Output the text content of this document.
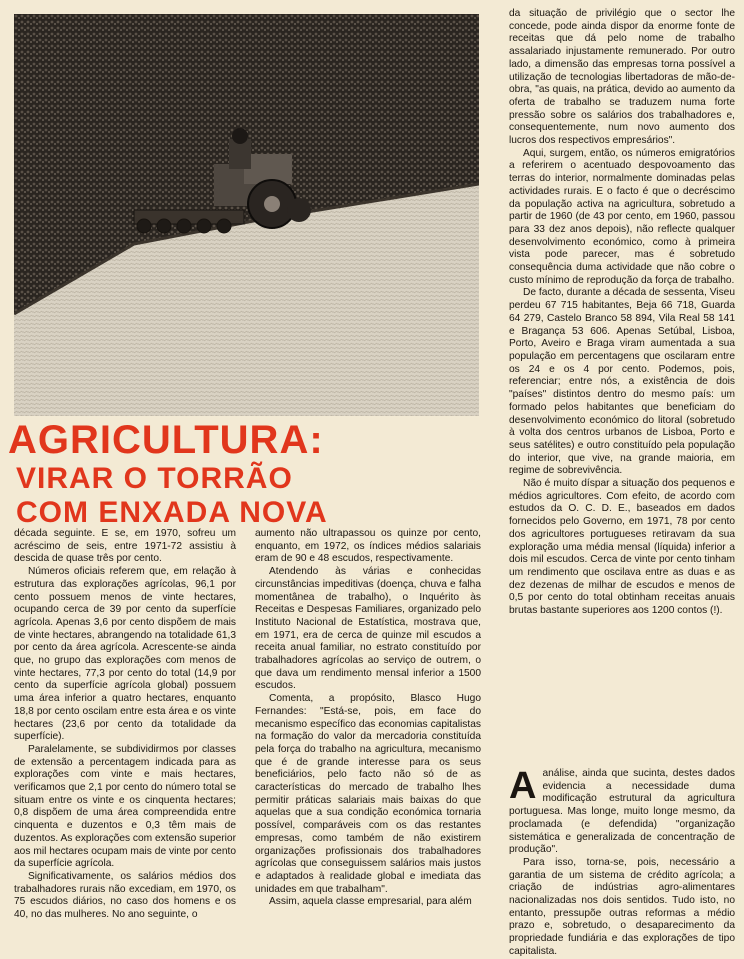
AGRICULTURA:
VIRAR O TORRÃO
COM ENXADA NOVA

década seguinte. E se, em 1970, sofreu um acréscimo de seis, entre 1971-72 assistiu à descida de quase três por cento.

Números oficiais referem que, em relação à estrutura das explorações agrícolas, 96,1 por cento possuem menos de vinte hectares, ocupando cerca de 39 por cento da superfície agrícola. Apenas 3,6 por cento dispõem de mais de vinte hectares, abrangendo na totalidade 61,3 por cento da área agrícola. Acrescente-se ainda que, no grupo das explorações com menos de vinte hectares, 77,3 por cento do total (14,9 por cento da superfície agrícola global) possuem uma área inferior a quatro hectares, enquanto 18,8 por cento oscilam entre esta área e os vinte hectares (23,6 por cento da totalidade da superfície).

Paralelamente, se subdividirmos por classes de extensão a percentagem indicada para as explorações com vinte e mais hectares, verificamos que 2,1 por cento do número total se situam entre os vinte e os cinquenta hectares; 0,8 dispõem de uma área compreendida entre cinquenta e duzentos e 0,3 têm mais de duzentos. As explorações com extensão superior aos mil hectares ocupam mais de vinte por cento da superfície agrícola.

Significativamente, os salários médios dos trabalhadores rurais não excediam, em 1970, os 75 escudos diários, no caso dos homens e os 40, no das mulheres. No ano seguinte, o

aumento não ultrapassou os quinze por cento, enquanto, em 1972, os índices médios salariais eram de 90 e 48 escudos, respectivamente.

Atendendo às várias e conhecidas circunstâncias impeditivas (doença, chuva e falha momentânea de trabalho), o Inquérito às Receitas e Despesas Familiares, organizado pelo Instituto Nacional de Estatística, mostrava que, em 1971, era de cerca de quinze mil escudos a receita anual familiar, no estrato constituído por trabalhadores agrícolas ao serviço de outrem, o que dava um rendimento mensal inferior a 1500 escudos.

Comenta, a propósito, Blasco Hugo Fernandes: "Está-se, pois, em face do mecanismo específico das economias capitalistas na formação do valor da mercadoria constituída pela força do trabalho na agricultura, mecanismo que é de grande interesse para os seus beneficiários, pelo facto não só de as características do mercado de trabalho lhes permitir práticas salariais mais baixas do que aquelas que a sua condição económica tornaria possível, comparáveis com os das restantes empresas, como também de não existirem organizações profissionais dos trabalhadores agrícolas que conseguissem salários mais justos e adaptados à realidade global e imediata das unidades em que trabalham".

Assim, aquela classe empresarial, para além

da situação de privilégio que o sector lhe concede, pode ainda dispor da enorme fonte de receitas que dá pelo nome de trabalho assalariado injustamente remunerado. Por outro lado, a dimensão das empresas torna possível a utilização de tecnologias libertadoras de mão-de-obra, "as quais, na prática, devido ao aumento da oferta de trabalho se traduzem numa forte pressão sobre os salários dos trabalhadores e, consequentemente, num novo aumento dos lucros dos respectivos empresários".

Aqui, surgem, então, os números emigratórios a referirem o acentuado despovoamento das terras do interior, normalmente dominadas pelas actividades rurais. E o facto é que o decréscimo da população activa na agricultura, sobretudo a partir de 1960 (de 43 por cento, em 1960, passou para 33 dez anos depois), não reflecte qualquer desenvolvimento económico, como à primeira vista pode parecer, mas é sobretudo consequência duma actividade que não cobre o custo mínimo de reprodução da força de trabalho.

De facto, durante a década de sessenta, Viseu perdeu 67 715 habitantes, Beja 66 718, Guarda 64 279, Castelo Branco 58 894, Vila Real 58 141 e Bragança 53 606. Apenas Setúbal, Lisboa, Porto, Aveiro e Braga viram aumentada a sua população em percentagens que oscilaram entre os 24 e os 4 por cento. Podemos, pois, referenciar; entre nós, a existência de dois "países" distintos dentro do mesmo país: um formado pelos habitantes que beneficiam do desenvolvimento económico do litoral (sobretudo à volta dos centros urbanos de Lisboa, Porto e seus satélites) e outro constituído pela população do interior, que vive, na grande maioria, em regime de sobrevivência.

Não é muito díspar a situação dos pequenos e médios agricultores. Com efeito, de acordo com estudos da O. C. D. E., baseados em dados fornecidos pelo Governo, em 1971, 78 por cento dos agricultores portugueses retiravam da sua exploração uma média mensal (líquida) inferior a dois mil escudos. Cerca de vinte por cento tinham um rendimento que oscilava entre as duas e as dez dezenas de milhar de escudos e menos de 0,5 por cento do total obtinham receitas anuais brutas bastante superiores aos 1200 contos (!).

Aanálise, ainda que sucinta, destes dados evidencia a necessidade duma modificação estrutural da agricultura portuguesa. Mas longe, muito longe mesmo, da proclamada (e defendida) "organização sistemática e generalizada de concentração de produção".

Para isso, torna-se, pois, necessário a garantia de um sistema de crédito agrícola; a criação de indústrias agro-alimentares nacionalizadas nos dois sentidos. Tudo isto, no entanto, pressupõe outras reformas a médio prazo e, sobretudo, o desaparecimento da propriedade fundiária e das explorações de tipo capitalista.
